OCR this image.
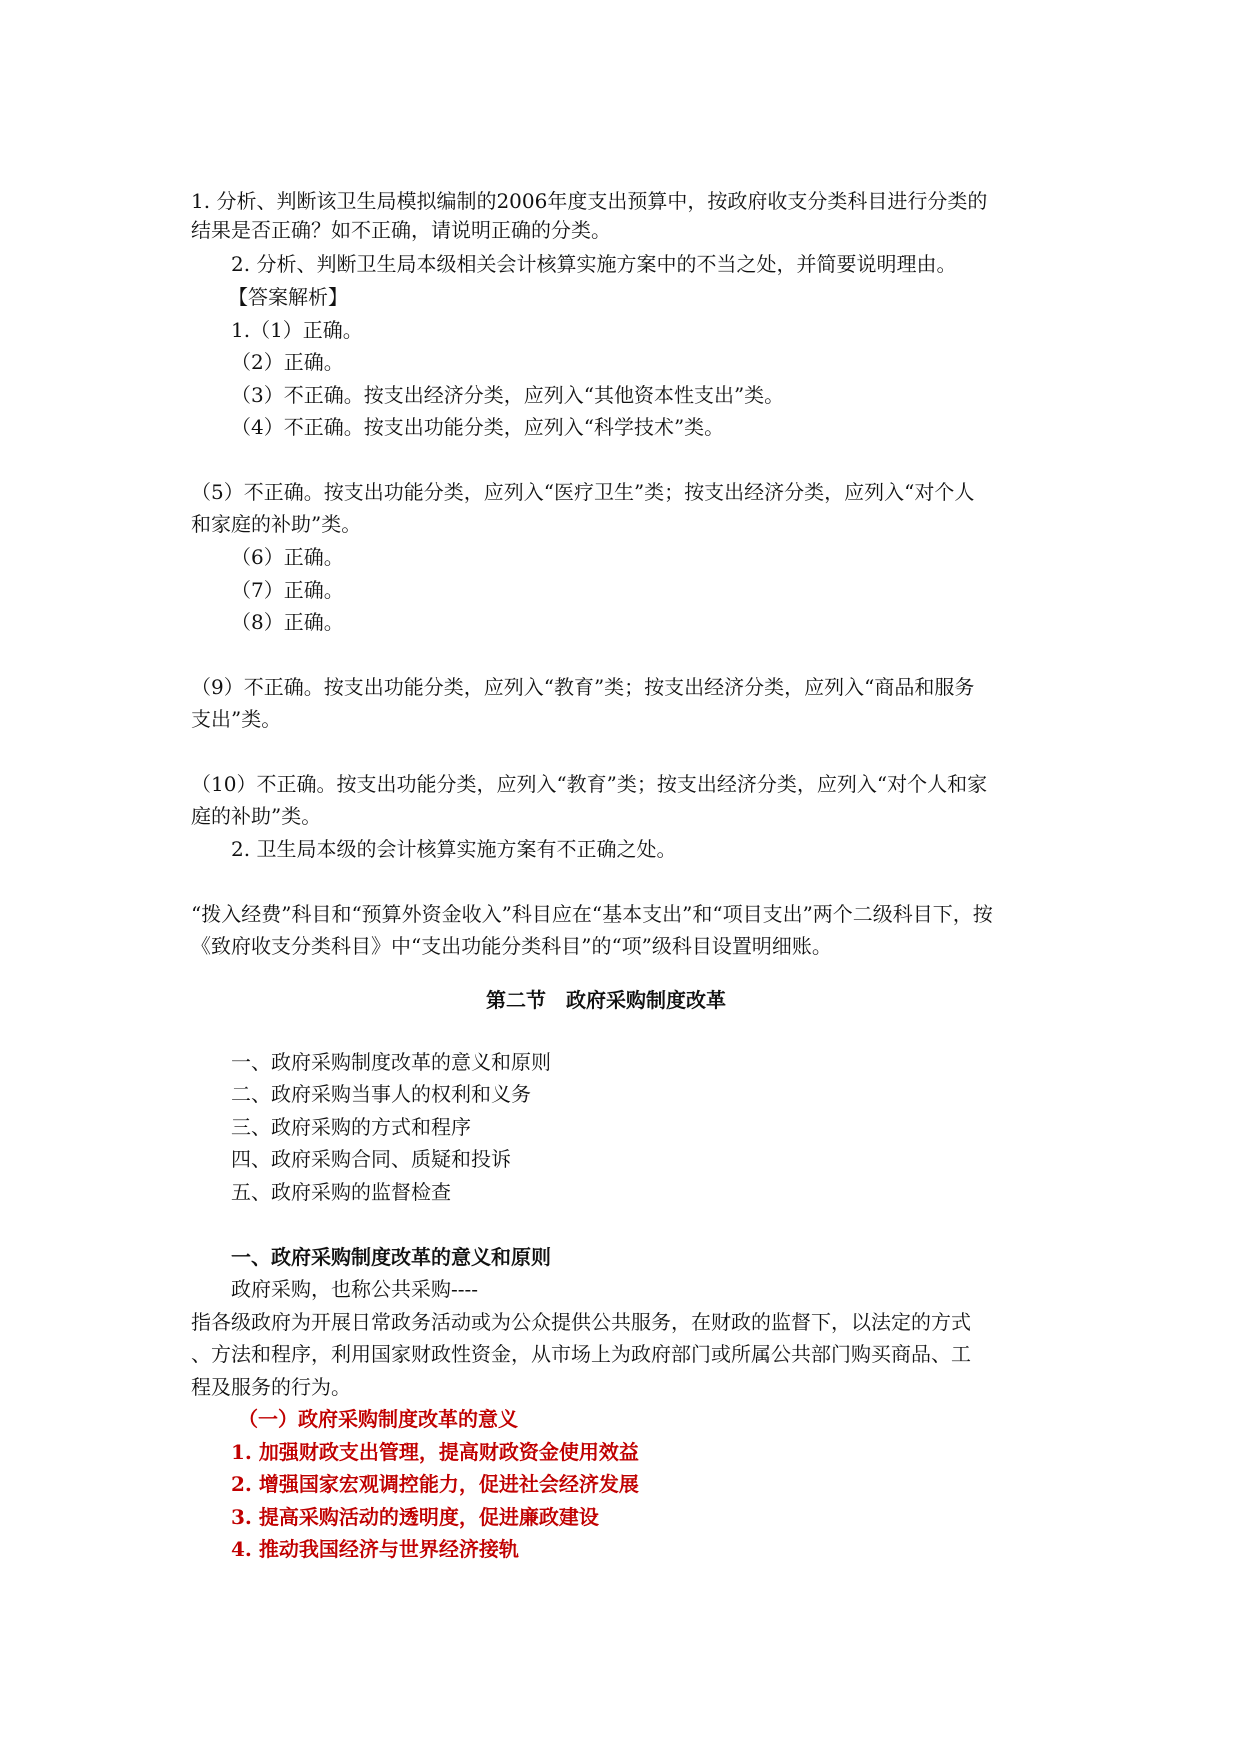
1. 分析、判断该卫生局模拟编制的2006年度支出预算中，按政府收支分类科目进行分类的
结果是否正确？如不正确，请说明正确的分类。
2. 分析、判断卫生局本级相关会计核算实施方案中的不当之处，并简要说明理由。
【答案解析】
1.（1）正确。
（2）正确。
（3）不正确。按支出经济分类，应列入“其他资本性支出”类。
（4）不正确。按支出功能分类，应列入“科学技术”类。
（5）不正确。按支出功能分类，应列入“医疗卫生”类；按支出经济分类，应列入“对个人
和家庭的补助”类。
（6）正确。
（7）正确。
（8）正确。
（9）不正确。按支出功能分类，应列入“教育”类；按支出经济分类，应列入“商品和服务
支出”类。
（10）不正确。按支出功能分类，应列入“教育”类；按支出经济分类，应列入“对个人和家
庭的补助”类。
2. 卫生局本级的会计核算实施方案有不正确之处。
“拨入经费”科目和“预算外资金收入”科目应在“基本支出”和“项目支出”两个二级科目下，按
《致府收支分类科目》中“支出功能分类科目”的“项”级科目设置明细账。
第二节　政府采购制度改革
一、政府采购制度改革的意义和原则
二、政府采购当事人的权利和义务
三、政府采购的方式和程序
四、政府采购合同、质疑和投诉
五、政府采购的监督检查
一、政府采购制度改革的意义和原则
政府采购，也称公共采购----
指各级政府为开展日常政务活动或为公众提供公共服务，在财政的监督下，以法定的方式
、方法和程序，利用国家财政性资金，从市场上为政府部门或所属公共部门购买商品、工
程及服务的行为。
（一）政府采购制度改革的意义
1. 加强财政支出管理，提高财政资金使用效益
2. 增强国家宏观调控能力，促进社会经济发展
3. 提高采购活动的透明度，促进廉政建设
4. 推动我国经济与世界经济接轨
